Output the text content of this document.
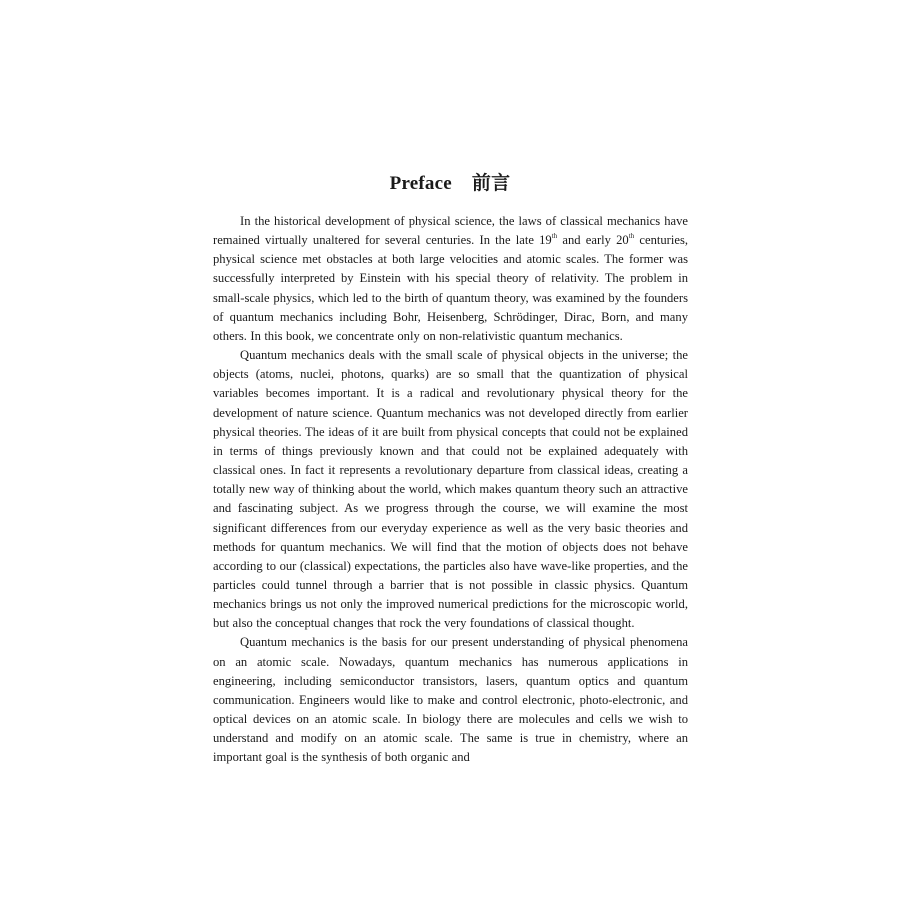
Preface 前言

In the historical development of physical science, the laws of classical mechanics have remained virtually unaltered for several centuries. In the late 19th and early 20th centuries, physical science met obstacles at both large velocities and atomic scales. The former was successfully interpreted by Einstein with his special theory of relativity. The problem in small-scale physics, which led to the birth of quantum theory, was examined by the founders of quantum mechanics including Bohr, Heisenberg, Schrödinger, Dirac, Born, and many others. In this book, we concentrate only on non-relativistic quantum mechanics.

Quantum mechanics deals with the small scale of physical objects in the universe; the objects (atoms, nuclei, photons, quarks) are so small that the quantization of physical variables becomes important. It is a radical and revolutionary physical theory for the development of nature science. Quantum mechanics was not developed directly from earlier physical theories. The ideas of it are built from physical concepts that could not be explained in terms of things previously known and that could not be explained adequately with classical ones. In fact it represents a revolutionary departure from classical ideas, creating a totally new way of thinking about the world, which makes quantum theory such an attractive and fascinating subject. As we progress through the course, we will examine the most significant differences from our everyday experience as well as the very basic theories and methods for quantum mechanics. We will find that the motion of objects does not behave according to our (classical) expectations, the particles also have wave-like properties, and the particles could tunnel through a barrier that is not possible in classic physics. Quantum mechanics brings us not only the improved numerical predictions for the microscopic world, but also the conceptual changes that rock the very foundations of classical thought.

Quantum mechanics is the basis for our present understanding of physical phenomena on an atomic scale. Nowadays, quantum mechanics has numerous applications in engineering, including semiconductor transistors, lasers, quantum optics and quantum communication. Engineers would like to make and control electronic, photo-electronic, and optical devices on an atomic scale. In biology there are molecules and cells we wish to understand and modify on an atomic scale. The same is true in chemistry, where an important goal is the synthesis of both organic and
